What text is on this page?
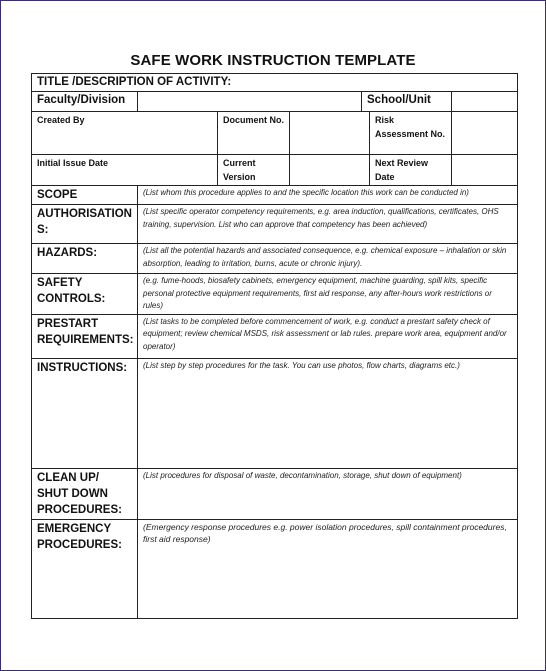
SAFE WORK INSTRUCTION TEMPLATE
TITLE /DESCRIPTION OF ACTIVITY:						
Faculty/Division				School/Unit		
Created By		Document No.			Risk Assessment No.	
Initial Issue Date		Current Version			Next Review Date	
SCOPE	(List whom this procedure applies to and the specific location this work can be conducted in)					
AUTHORISATIONS:	(List specific operator competency requirements, e.g. area induction, qualifications, certificates, OHS training, supervision. List who can approve that competency has been achieved)					
HAZARDS:	(List all the potential hazards and associated consequence, e.g. chemical exposure – inhalation or skin absorption, leading to irritation, burns, acute or chronic injury).					
SAFETY CONTROLS:	(e.g. fume-hoods, biosafety cabinets, emergency equipment, machine guarding, spill kits, specific personal protective equipment requirements, first aid response, any after-hours work restrictions or rules)					
PRESTART REQUIREMENTS:	(List tasks to be completed before commencement of work, e.g. conduct a prestart safety check of equipment; review chemical MSDS, risk assessment or lab rules. prepare work area, equipment and/or operator)					
INSTRUCTIONS:	(List step by step procedures for the task. You can use photos, flow charts, diagrams etc.)					
CLEAN UP/ SHUT DOWN PROCEDURES:	(List procedures for disposal of waste, decontamination, storage, shut down of equipment)					
EMERGENCY PROCEDURES:	(Emergency response procedures e.g. power isolation procedures, spill containment procedures, first aid response)					
